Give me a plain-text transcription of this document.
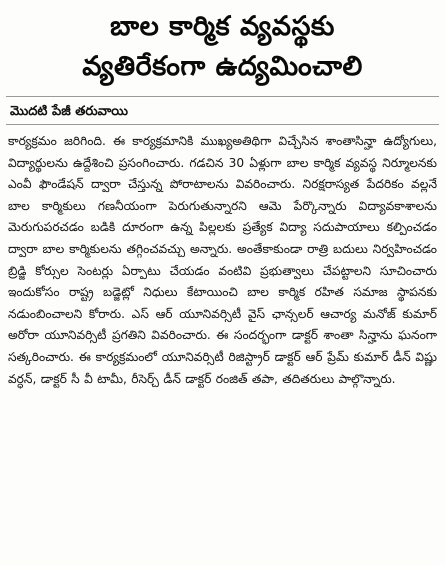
బాల కార్మిక వ్యవస్థకు
వ్యతిరేకంగా ఉద్యమించాలి
మొదటి పేజీ తరువాయి

కార్యక్రమం జరిగింది. ఈ కార్యక్రమానికి ముఖ్యఅతిథిగా విచ్చేసిన శాంతాసిన్హా ఉద్యోగులు, విద్యార్థులను ఉద్దేశించి ప్రసంగించారు. గడచిన 30 ఏళ్లుగా బాల కార్మిక వ్యవస్థ నిర్మూలనకు ఎంవీ ఫౌండేషన్ ద్వారా చేస్తున్న పోరాటాలను వివరించారు. నిరక్షరాస్యత పేదరికం వల్లనే బాల కార్మికులు గణనీయంగా పెరుగుతున్నారని ఆమె పేర్కొన్నారు విద్యావకాశాలను మెరుగుపరచడం బడికి దూరంగా ఉన్న పిల్లలకు ప్రత్యేక విద్యా సదుపాయాలు కల్పించడం ద్వారా బాల కార్మికులను తగ్గించవచ్చు అన్నారు. అంతేకాకుండా రాత్రి బదులు నిర్వహించడం బ్రిడ్జి కోర్సుల సెంటర్లు ఏర్పాటు చేయడం వంటివి ప్రభుత్వాలు చేపట్టాలని సూచించారు ఇందుకోసం రాష్ట్ర బడ్జెట్లో నిధులు కేటాయించి బాల కార్మిక రహిత సమాజ స్థాపనకు నడుంబించాలని కోరారు. ఎస్ ఆర్ యూనివర్సిటీ వైస్ ఛాన్సలర్ ఆచార్య మనోజ్ కుమార్ అరోరా యూనివర్సిటీ ప్రగతిని వివరించారు. ఈ సందర్భంగా డాక్టర్ శాంతా సిన్హాను ఘనంగా సత్కరించారు. ఈ కార్యక్రమంలో యూనివర్సిటీ రిజిస్ట్రార్ డాక్టర్ ఆర్ ప్రేమ్ కుమార్ డీన్ విష్ణు వర్ధన్, డాక్టర్ సీ వీ టామీ, రీసెర్చ్ డీన్ డాక్టర్ రంజిత్ తపా, తదితరులు పాల్గొన్నారు.
